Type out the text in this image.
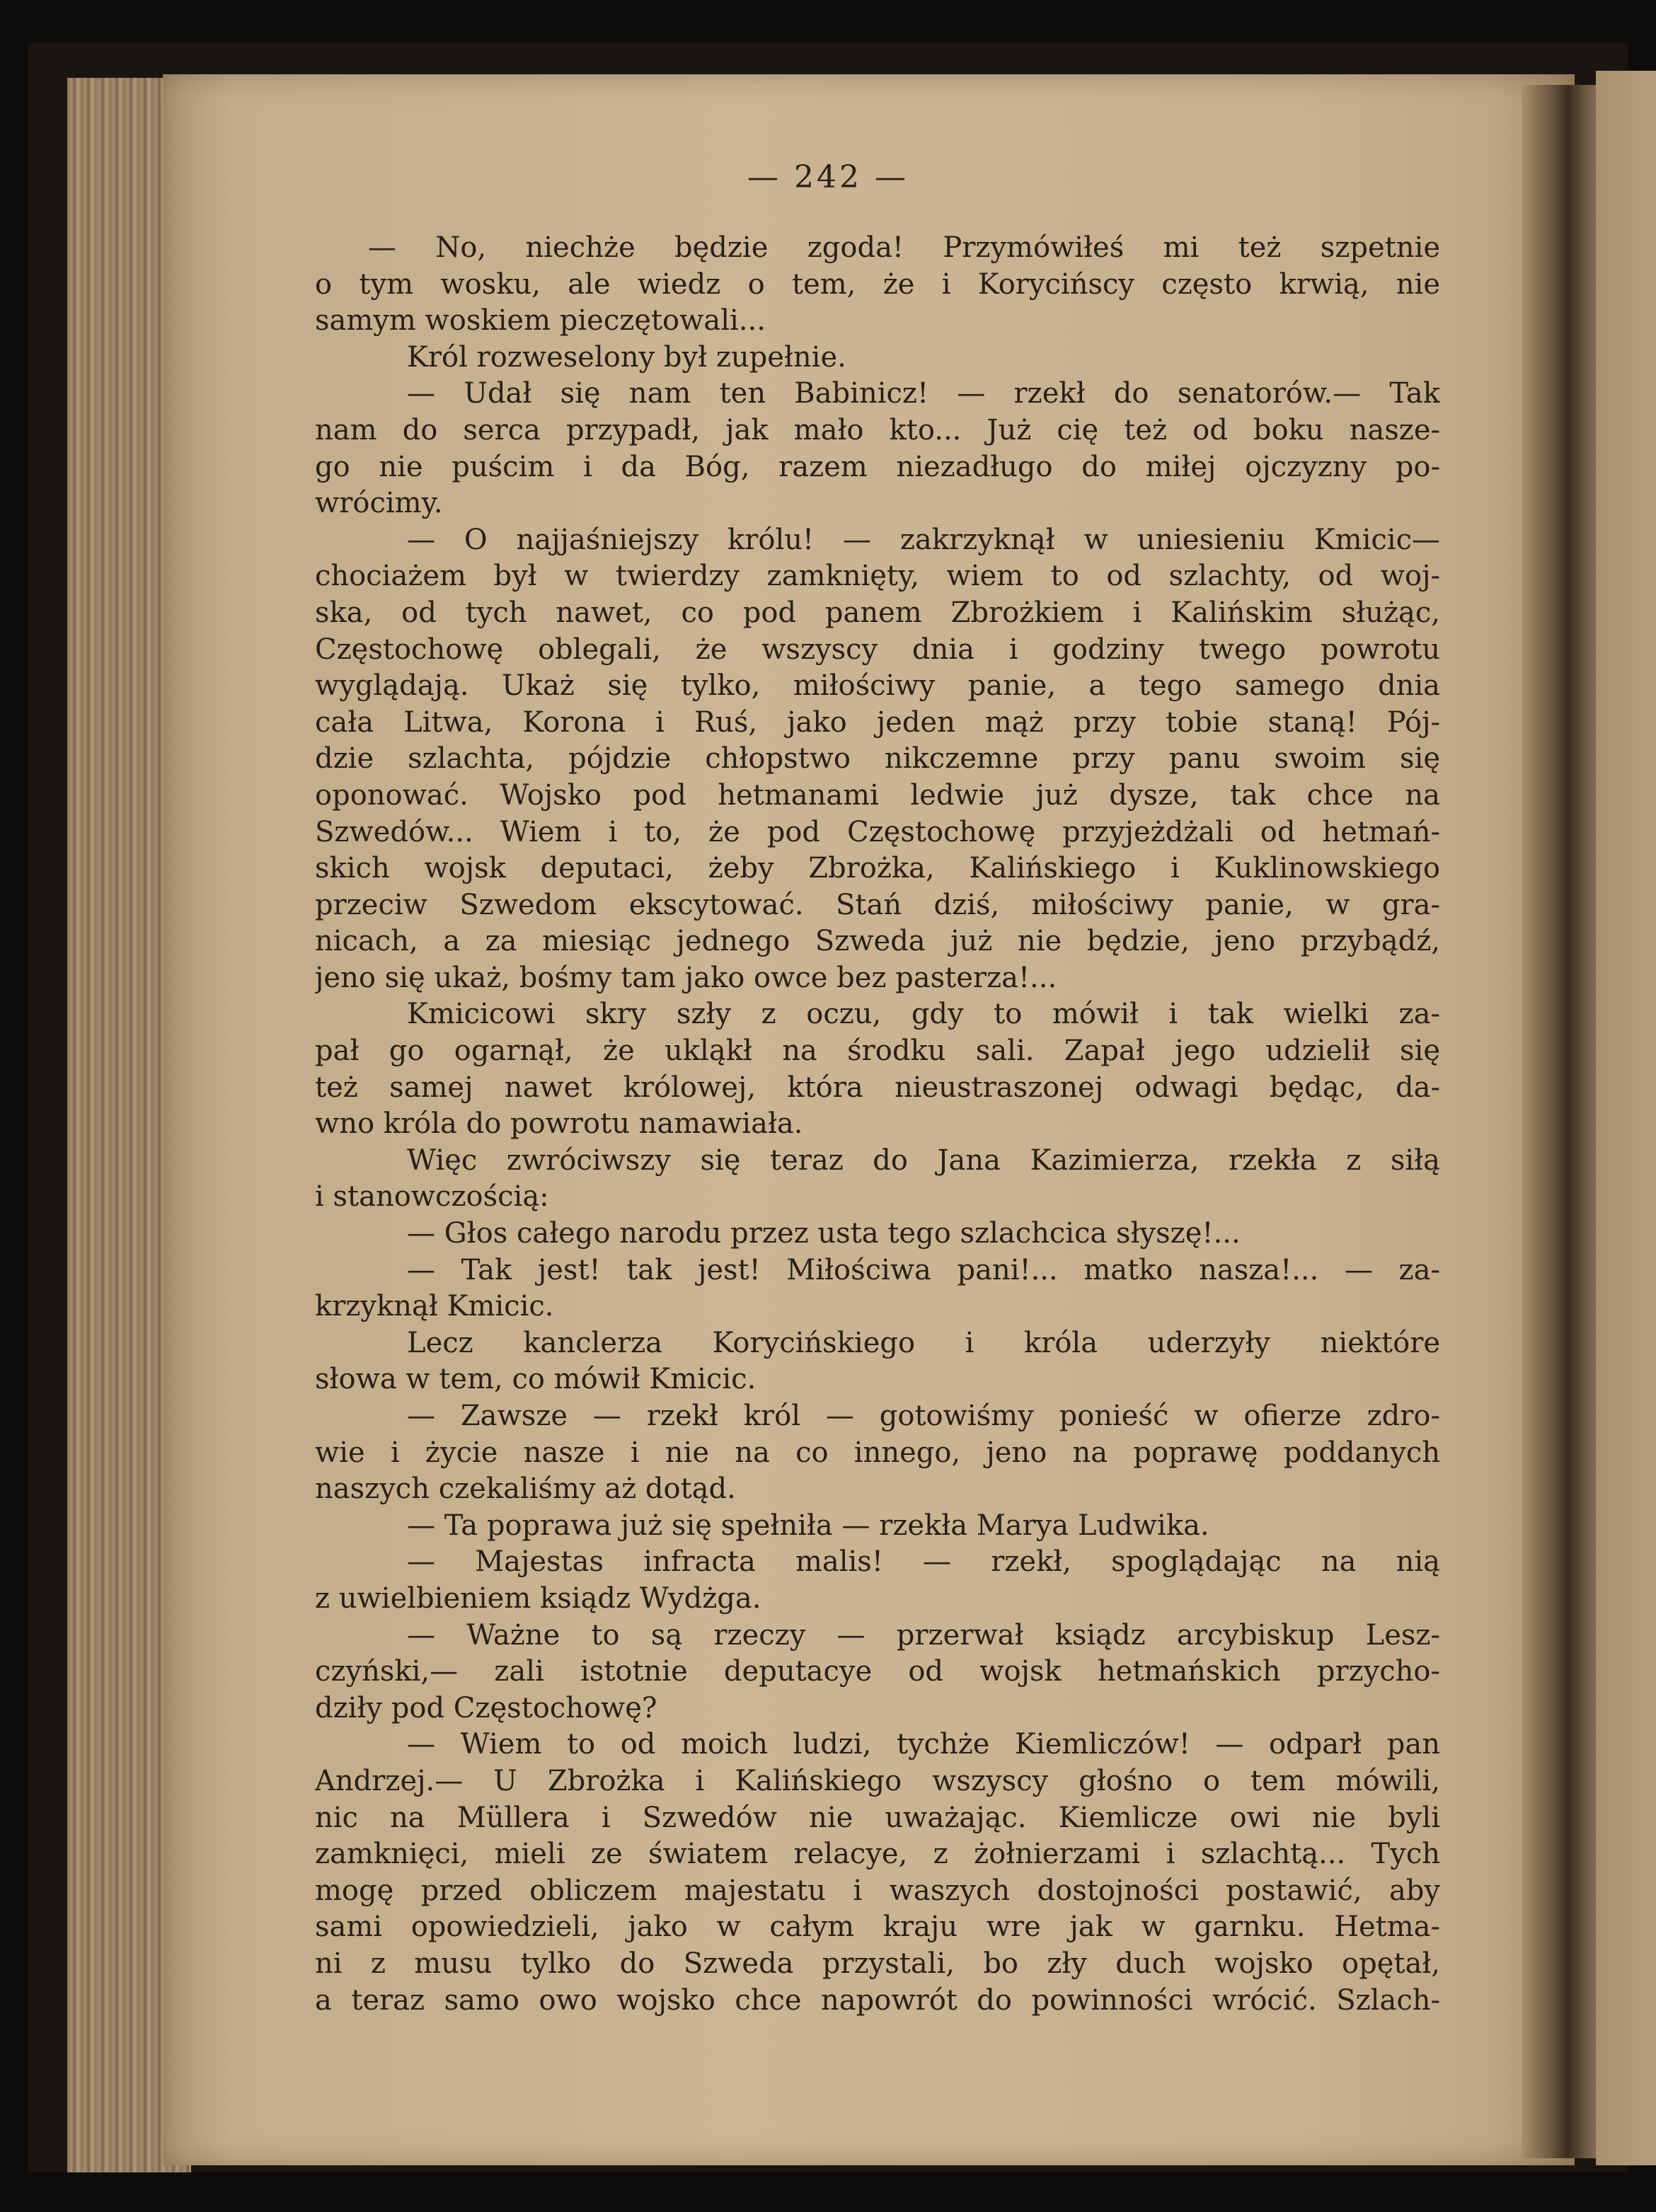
— 242 —
— No, niechże będzie zgoda! Przymówiłeś mi też szpetnie
o tym wosku, ale wiedz o tem, że i Korycińscy często krwią, nie
samym woskiem pieczętowali...
Król rozweselony był zupełnie.
— Udał się nam ten Babinicz! — rzekł do senatorów.— Tak
nam do serca przypadł, jak mało kto... Już cię też od boku nasze-
go nie puścim i da Bóg, razem niezadługo do miłej ojczyzny po-
wrócimy.
— O najjaśniejszy królu! — zakrzyknął w uniesieniu Kmicic—
chociażem był w twierdzy zamknięty, wiem to od szlachty, od woj-
ska, od tych nawet, co pod panem Zbrożkiem i Kalińskim służąc,
Częstochowę oblegali, że wszyscy dnia i godziny twego powrotu
wyglądają. Ukaż się tylko, miłościwy panie, a tego samego dnia
cała Litwa, Korona i Ruś, jako jeden mąż przy tobie staną! Pój-
dzie szlachta, pójdzie chłopstwo nikczemne przy panu swoim się
oponować. Wojsko pod hetmanami ledwie już dysze, tak chce na
Szwedów... Wiem i to, że pod Częstochowę przyjeżdżali od hetmań-
skich wojsk deputaci, żeby Zbrożka, Kalińskiego i Kuklinowskiego
przeciw Szwedom ekscytować. Stań dziś, miłościwy panie, w gra-
nicach, a za miesiąc jednego Szweda już nie będzie, jeno przybądź,
jeno się ukaż, bośmy tam jako owce bez pasterza!...
Kmicicowi skry szły z oczu, gdy to mówił i tak wielki za-
pał go ogarnął, że ukląkł na środku sali. Zapał jego udzielił się
też samej nawet królowej, która nieustraszonej odwagi będąc, da-
wno króla do powrotu namawiała.
Więc zwróciwszy się teraz do Jana Kazimierza, rzekła z siłą
i stanowczością:
— Głos całego narodu przez usta tego szlachcica słyszę!...
— Tak jest! tak jest! Miłościwa pani!... matko nasza!... — za-
krzyknął Kmicic.
Lecz kanclerza Korycińskiego i króla uderzyły niektóre
słowa w tem, co mówił Kmicic.
— Zawsze — rzekł król — gotowiśmy ponieść w ofierze zdro-
wie i życie nasze i nie na co innego, jeno na poprawę poddanych
naszych czekaliśmy aż dotąd.
— Ta poprawa już się spełniła — rzekła Marya Ludwika.
— Majestas infracta malis! — rzekł, spoglądając na nią
z uwielbieniem ksiądz Wydżga.
— Ważne to są rzeczy — przerwał ksiądz arcybiskup Lesz-
czyński,— zali istotnie deputacye od wojsk hetmańskich przycho-
dziły pod Częstochowę?
— Wiem to od moich ludzi, tychże Kiemliczów! — odparł pan
Andrzej.— U Zbrożka i Kalińskiego wszyscy głośno o tem mówili,
nic na Müllera i Szwedów nie uważając. Kiemlicze owi nie byli
zamknięci, mieli ze światem relacye, z żołnierzami i szlachtą... Tych
mogę przed obliczem majestatu i waszych dostojności postawić, aby
sami opowiedzieli, jako w całym kraju wre jak w garnku. Hetma-
ni z musu tylko do Szweda przystali, bo zły duch wojsko opętał,
a teraz samo owo wojsko chce napowrót do powinności wrócić. Szlach-
